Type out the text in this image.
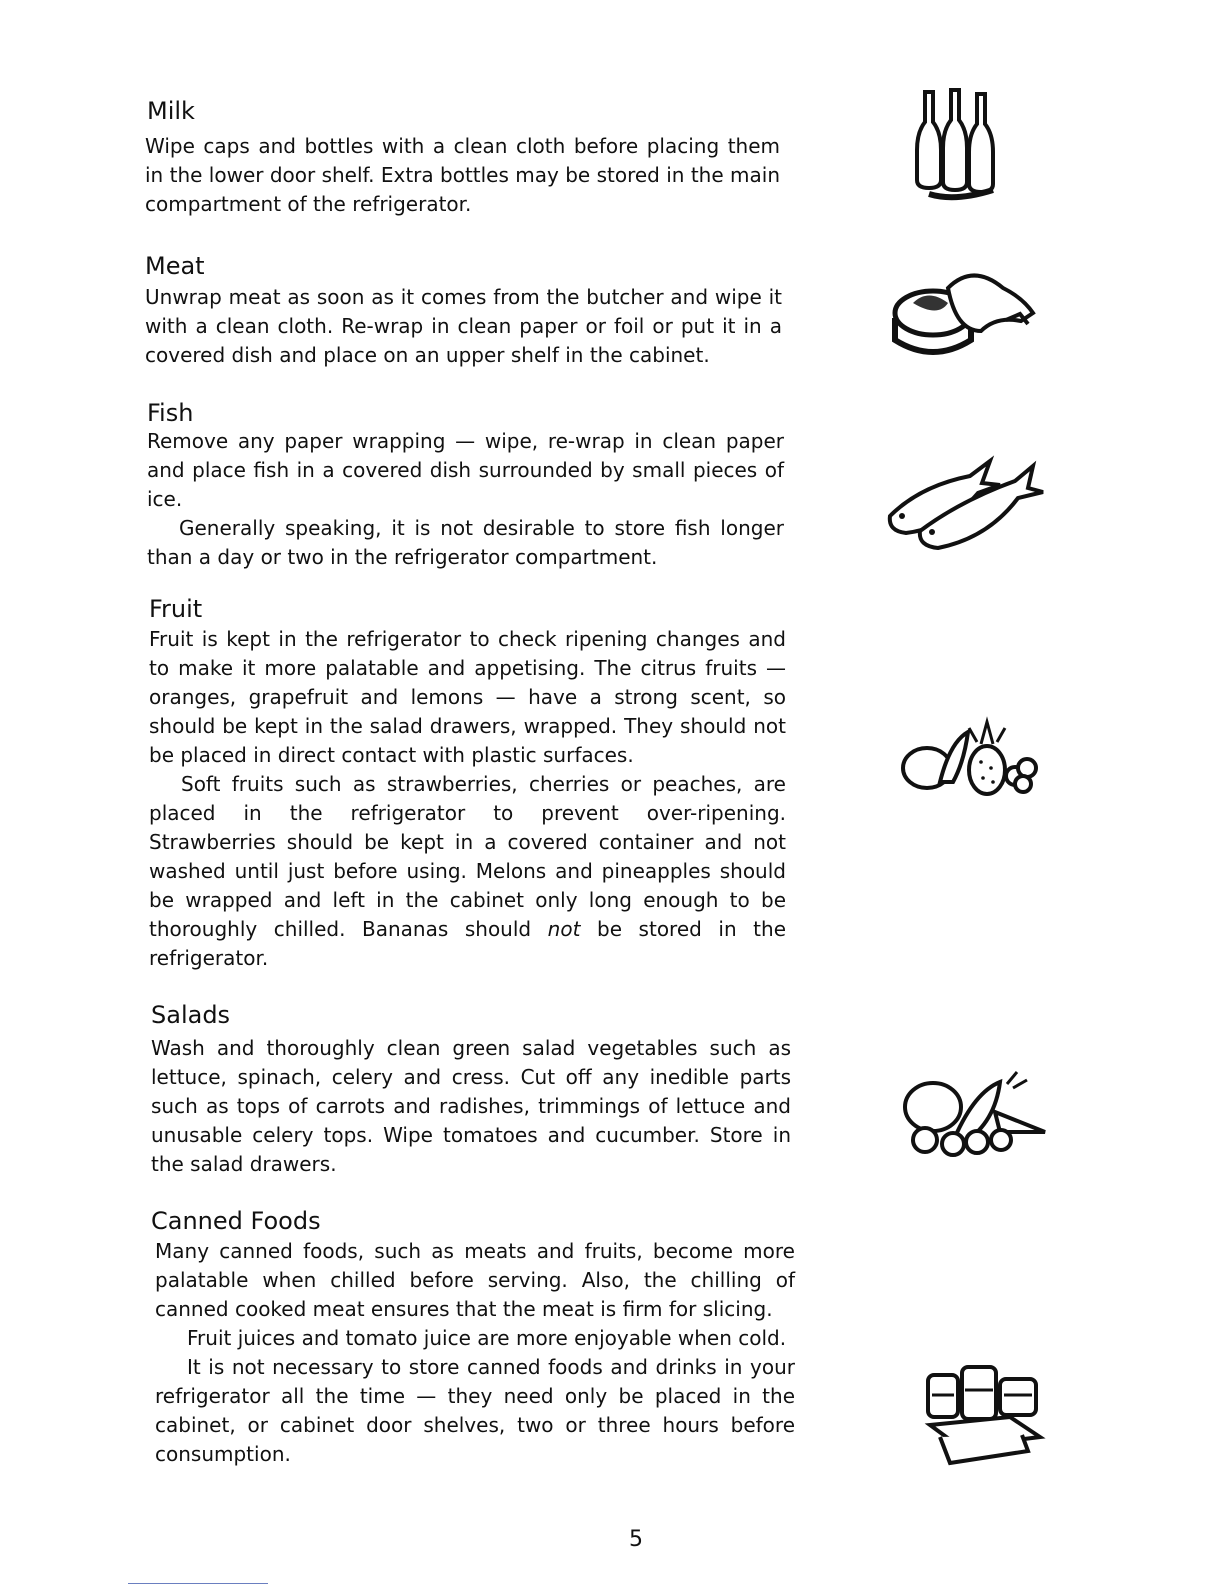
Milk

Wipe caps and bottles with a clean cloth before placing them in the lower door shelf. Extra bottles may be stored in the main compartment of the refrigerator.

Meat

Unwrap meat as soon as it comes from the butcher and wipe it with a clean cloth. Re-wrap in clean paper or foil or put it in a covered dish and place on an upper shelf in the cabinet.

Fish

Remove any paper wrapping — wipe, re-wrap in clean paper and place fish in a covered dish surrounded by small pieces of ice.

Generally speaking, it is not desirable to store fish longer than a day or two in the refrigerator compartment.

Fruit

Fruit is kept in the refrigerator to check ripening changes and to make it more palatable and appetising. The citrus fruits — oranges, grapefruit and lemons — have a strong scent, so should be kept in the salad drawers, wrapped. They should not be placed in direct contact with plastic surfaces.

Soft fruits such as strawberries, cherries or peaches, are placed in the refrigerator to prevent over-ripening. Strawberries should be kept in a covered container and not washed until just before using. Melons and pineapples should be wrapped and left in the cabinet only long enough to be thoroughly chilled. Bananas should not be stored in the refrigerator.

Salads

Wash and thoroughly clean green salad vegetables such as lettuce, spinach, celery and cress. Cut off any inedible parts such as tops of carrots and radishes, trimmings of lettuce and unusable celery tops. Wipe tomatoes and cucumber. Store in the salad drawers.

Canned Foods

Many canned foods, such as meats and fruits, become more palatable when chilled before serving. Also, the chilling of canned cooked meat ensures that the meat is firm for slicing.

Fruit juices and tomato juice are more enjoyable when cold.

It is not necessary to store canned foods and drinks in your refrigerator all the time — they need only be placed in the cabinet, or cabinet door shelves, two or three hours before consumption.

5
